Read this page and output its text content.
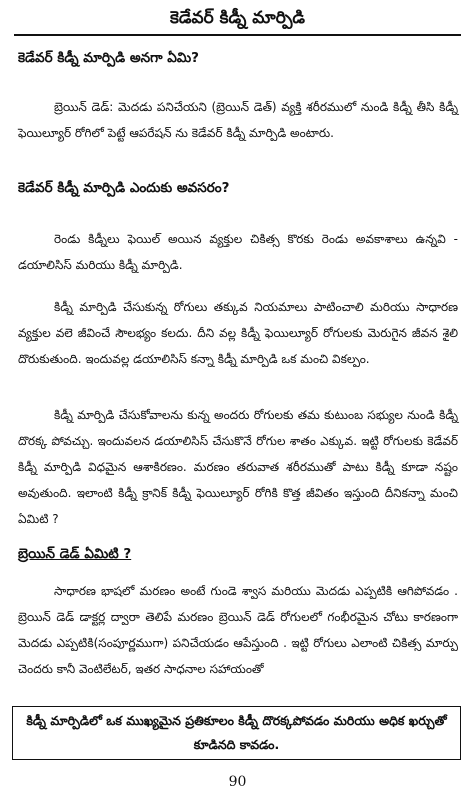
కెడేవర్ కిడ్నీ మార్పిడి
కెడేవర్ కిడ్నీ మార్పిడి అనగా ఏమి?
బ్రెయిన్ డెడ్: మెదడు పనిచేయని (బ్రెయిన్ డెత్) వ్యక్తి శరీరములో నుండి కిడ్నీ తీసి కిడ్నీ ఫెయిల్యూర్ రోగిలో పెట్టే ఆపరేషన్ ను కెడేవర్ కిడ్నీ మార్పిడి అంటారు.
కెడేవర్ కిడ్నీ మార్పిడి ఎందుకు అవసరం?
రెండు కిడ్నీలు ఫెయిల్ అయిన వ్యక్తుల చికిత్స కొరకు రెండు అవకాశాలు ఉన్నవి - డయాలిసిస్ మరియు కిడ్నీ మార్పిడి.
కిడ్నీ మార్పిడి చేసుకున్న రోగులు తక్కువ నియమాలు పాటించాలి మరియు సాధారణ వ్యక్తుల వలె జీవించే సౌలభ్యం కలదు. దీని వల్ల కిడ్నీ ఫెయిల్యూర్ రోగులకు మెరుగైన జీవన శైలి దొరుకుతుంది. ఇందువల్ల డయాలిసిస్ కన్నా కిడ్నీ మార్పిడి ఒక మంచి వికల్పం.
కిడ్నీ మార్పిడి చేసుకోవాలను కున్న అందరు రోగులకు తమ కుటుంబ సభ్యుల నుండి కిడ్నీ దొరక్క పోవచ్చు. ఇందువలన డయాలిసిస్ చేసుకొనే రోగుల శాతం ఎక్కువ. ఇట్టి రోగులకు కెడేవర్ కిడ్నీ మార్పిడి విధమైన ఆశాకిరణం. మరణం తరువాత శరీరముతో పాటు కిడ్నీ కూడా నష్టం అవుతుంది. ఇలాంటి కిడ్నీ క్రానిక్ కిడ్నీ ఫెయిల్యూర్ రోగికి కొత్త జీవితం ఇస్తుంది దీనికన్నా మంచి ఏమిటి ?
బ్రెయిన్ డెడ్ ఏమిటి ?
సాధారణ భాషలో మరణం అంటే గుండె శ్వాస మరియు మెదడు ఎప్పటికి ఆగిపోవడం . బ్రెయిన్ డెడ్ డాక్టర్ల ద్వారా తెలిపే మరణం బ్రెయిన్ డెడ్ రోగులలో గంభీరమైన చోటు కారణంగా మెదడు ఎప్పటికి(సంపూర్ణముగా) పనిచేయడం ఆపేస్తుంది . ఇట్టి రోగులు ఎలాంటి చికిత్స మార్పు చెందరు కానీ వెంటిలేటర్, ఇతర సాధనాల సహాయంతో
కిడ్నీ మార్పిడిలో ఒక ముఖ్యమైన ప్రతికూలం కిడ్నీ దొరక్కపోవడం మరియు అధిక ఖర్చుతో కూడినది కావడం.
90
